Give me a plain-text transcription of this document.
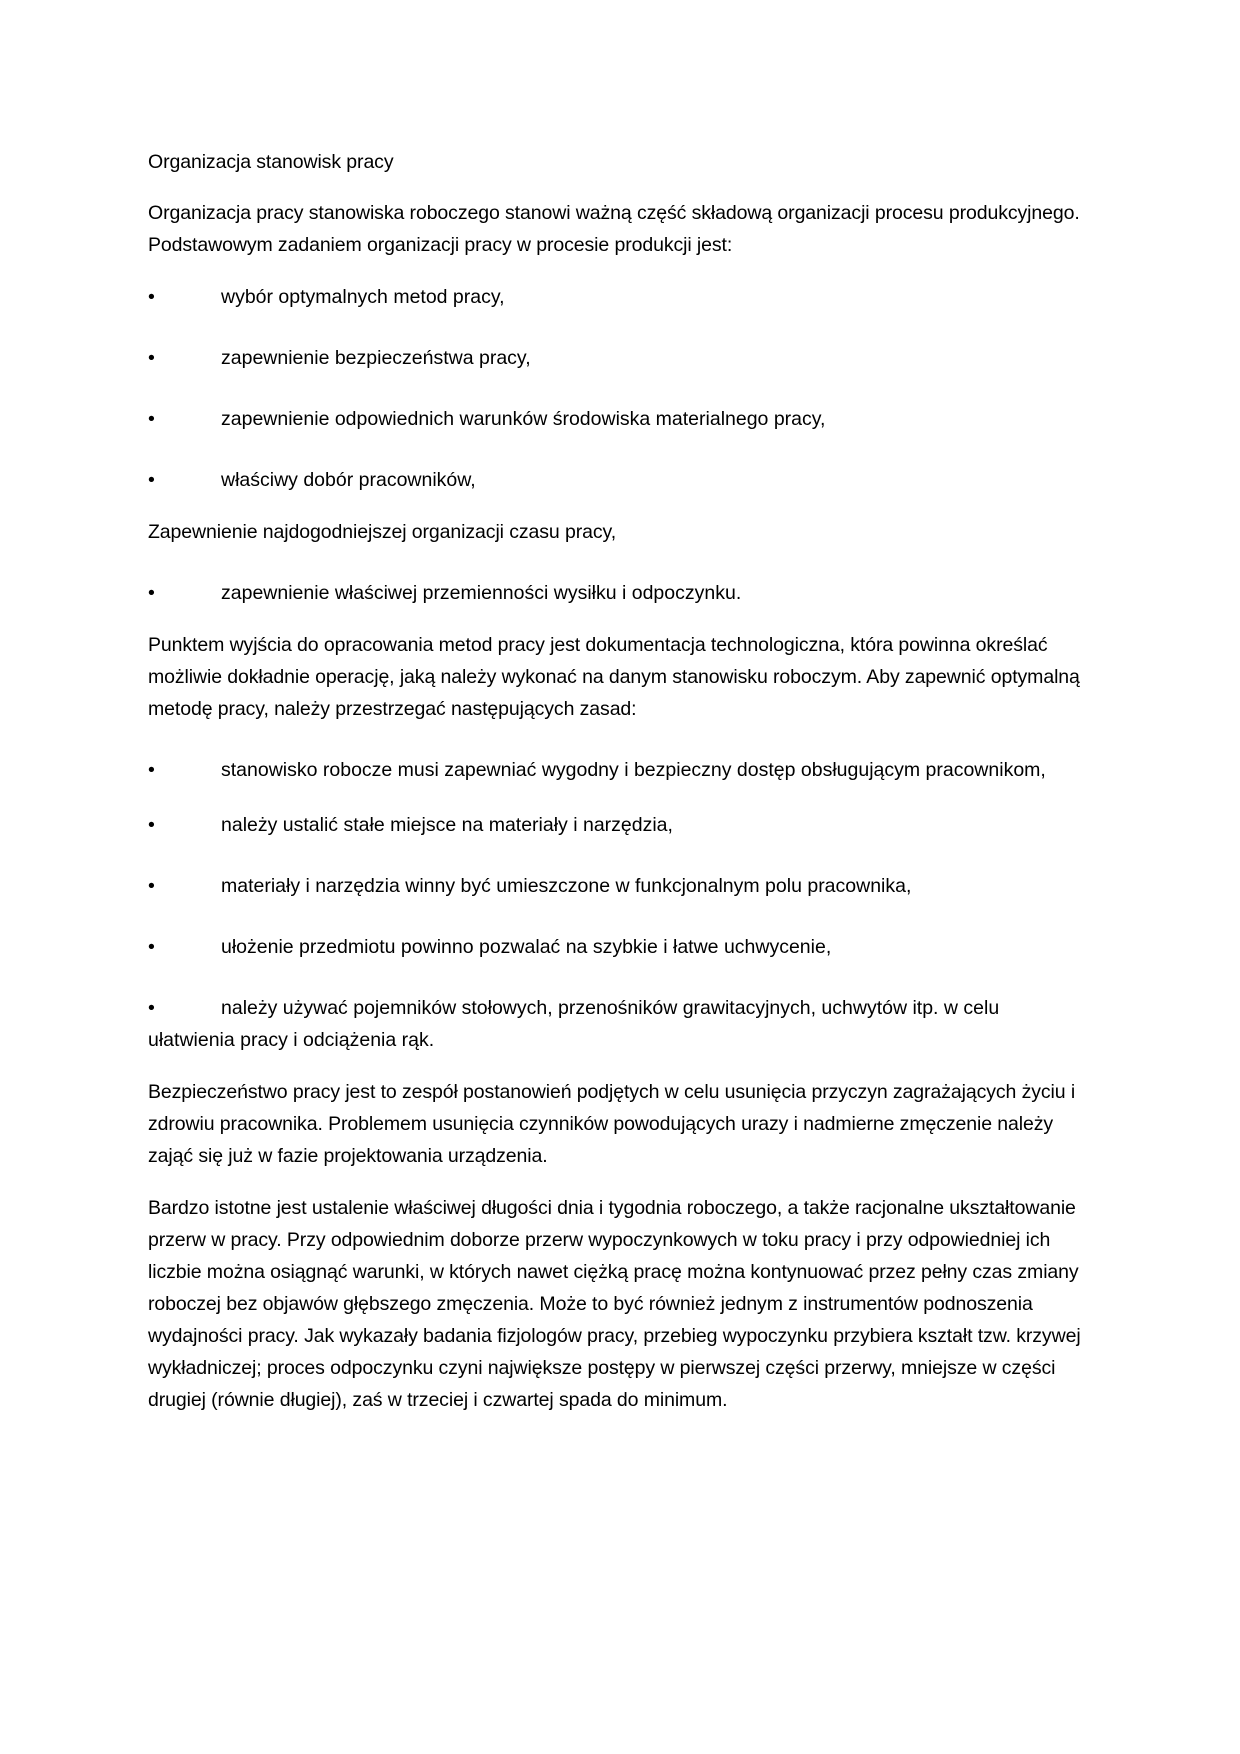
Organizacja stanowisk pracy

Organizacja pracy stanowiska roboczego stanowi ważną część składową organizacji procesu produkcyjnego. Podstawowym zadaniem organizacji pracy w procesie produkcji jest:

•	wybór optymalnych metod pracy,
•	zapewnienie bezpieczeństwa pracy,
•	zapewnienie odpowiednich warunków środowiska materialnego pracy,
•	właściwy dobór pracowników,

Zapewnienie najdogodniejszej organizacji czasu pracy,

•	zapewnienie właściwej przemienności wysiłku i odpoczynku.

Punktem wyjścia do opracowania metod pracy jest dokumentacja technologiczna, która powinna określać możliwie dokładnie operację, jaką należy wykonać na danym stanowisku roboczym. Aby zapewnić optymalną metodę pracy, należy przestrzegać następujących zasad:

•	stanowisko robocze musi zapewniać wygodny i bezpieczny dostęp obsługującym pracownikom,
•	należy ustalić stałe miejsce na materiały i narzędzia,
•	materiały i narzędzia winny być umieszczone w funkcjonalnym polu pracownika,
•	ułożenie przedmiotu powinno pozwalać na szybkie i łatwe uchwycenie,
•	należy używać pojemników stołowych, przenośników grawitacyjnych, uchwytów itp. w celu ułatwienia pracy i odciążenia rąk.

Bezpieczeństwo pracy jest to zespół postanowień podjętych w celu usunięcia przyczyn zagrażających życiu i zdrowiu pracownika. Problemem usunięcia czynników powodujących urazy i nadmierne zmęczenie należy zająć się już w fazie projektowania urządzenia.

Bardzo istotne jest ustalenie właściwej długości dnia i tygodnia roboczego, a także racjonalne ukształtowanie przerw w pracy. Przy odpowiednim doborze przerw wypoczynkowych w toku pracy i przy odpowiedniej ich liczbie można osiągnąć warunki, w których nawet ciężką pracę można kontynuować przez pełny czas zmiany roboczej bez objawów głębszego zmęczenia. Może to być również jednym z instrumentów podnoszenia wydajności pracy. Jak wykazały badania fizjologów pracy, przebieg wypoczynku przybiera kształt tzw. krzywej wykładniczej; proces odpoczynku czyni największe postępy w pierwszej części przerwy, mniejsze w części drugiej (równie długiej), zaś w trzeciej i czwartej spada do minimum.
